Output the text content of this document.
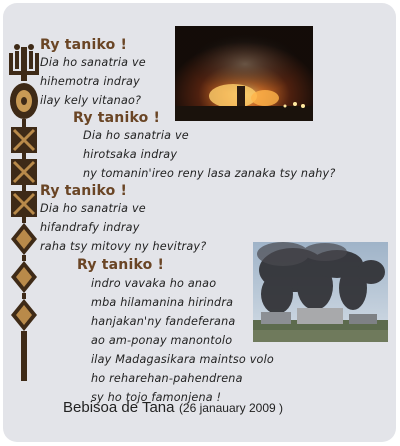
Ry taniko !
Dia ho sanatria ve
hihemotra indray
ilay kely vitanao?
Ry taniko !
Dia ho sanatria ve
hirotsaka indray
ny tomanin'ireo reny lasa zanaka tsy nahy?
Ry taniko !
Dia ho sanatria ve
hifandrafy indray
raha tsy mitovy ny hevitray?
Ry taniko !
indro vavaka ho anao
mba hilamanina hirindra
hanjakan'ny fandeferana
ao am-ponay manontolo
ilay Madagasikara maintso volo
ho reharehan-pahendrena
sy ho tojo famonjena !
Bebisoa de Tana (26 janauary 2009 )
